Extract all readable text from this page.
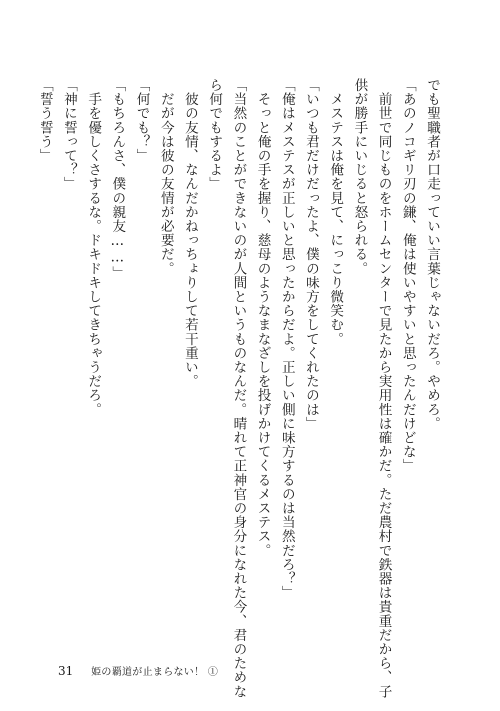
でも聖職者が口走っていい言葉じゃないだろ。やめろ。
「あのノコギリ刃の鎌、俺は使いやすいと思ったんだけどな」
　前世で同じものをホームセンターで見たから実用性は確かだ。ただ農村で鉄器は貴重だから、子
供が勝手にいじると怒られる。
　メステスは俺を見て、にっこり微笑む。
「いつも君だけだったよ、僕の味方をしてくれたのは」
「俺はメステスが正しいと思ったからだよ。正しい側に味方するのは当然だろ？」
　そっと俺の手を握り、慈母のようなまなざしを投げかけてくるメステス。
「当然のことができないのが人間というものなんだ。晴れて正神官の身分になれた今、君のためな
ら何でもするよ」
　彼の友情、なんだかねっちょりして若干重い。
　だが今は彼の友情が必要だ。
「何でも？」
「もちろんさ、僕の親友……」
　手を優しくさするな。ドキドキしてきちゃうだろ。
「神に誓って？」
「誓う誓う」
31 姫の覇道が止まらない！ ①
